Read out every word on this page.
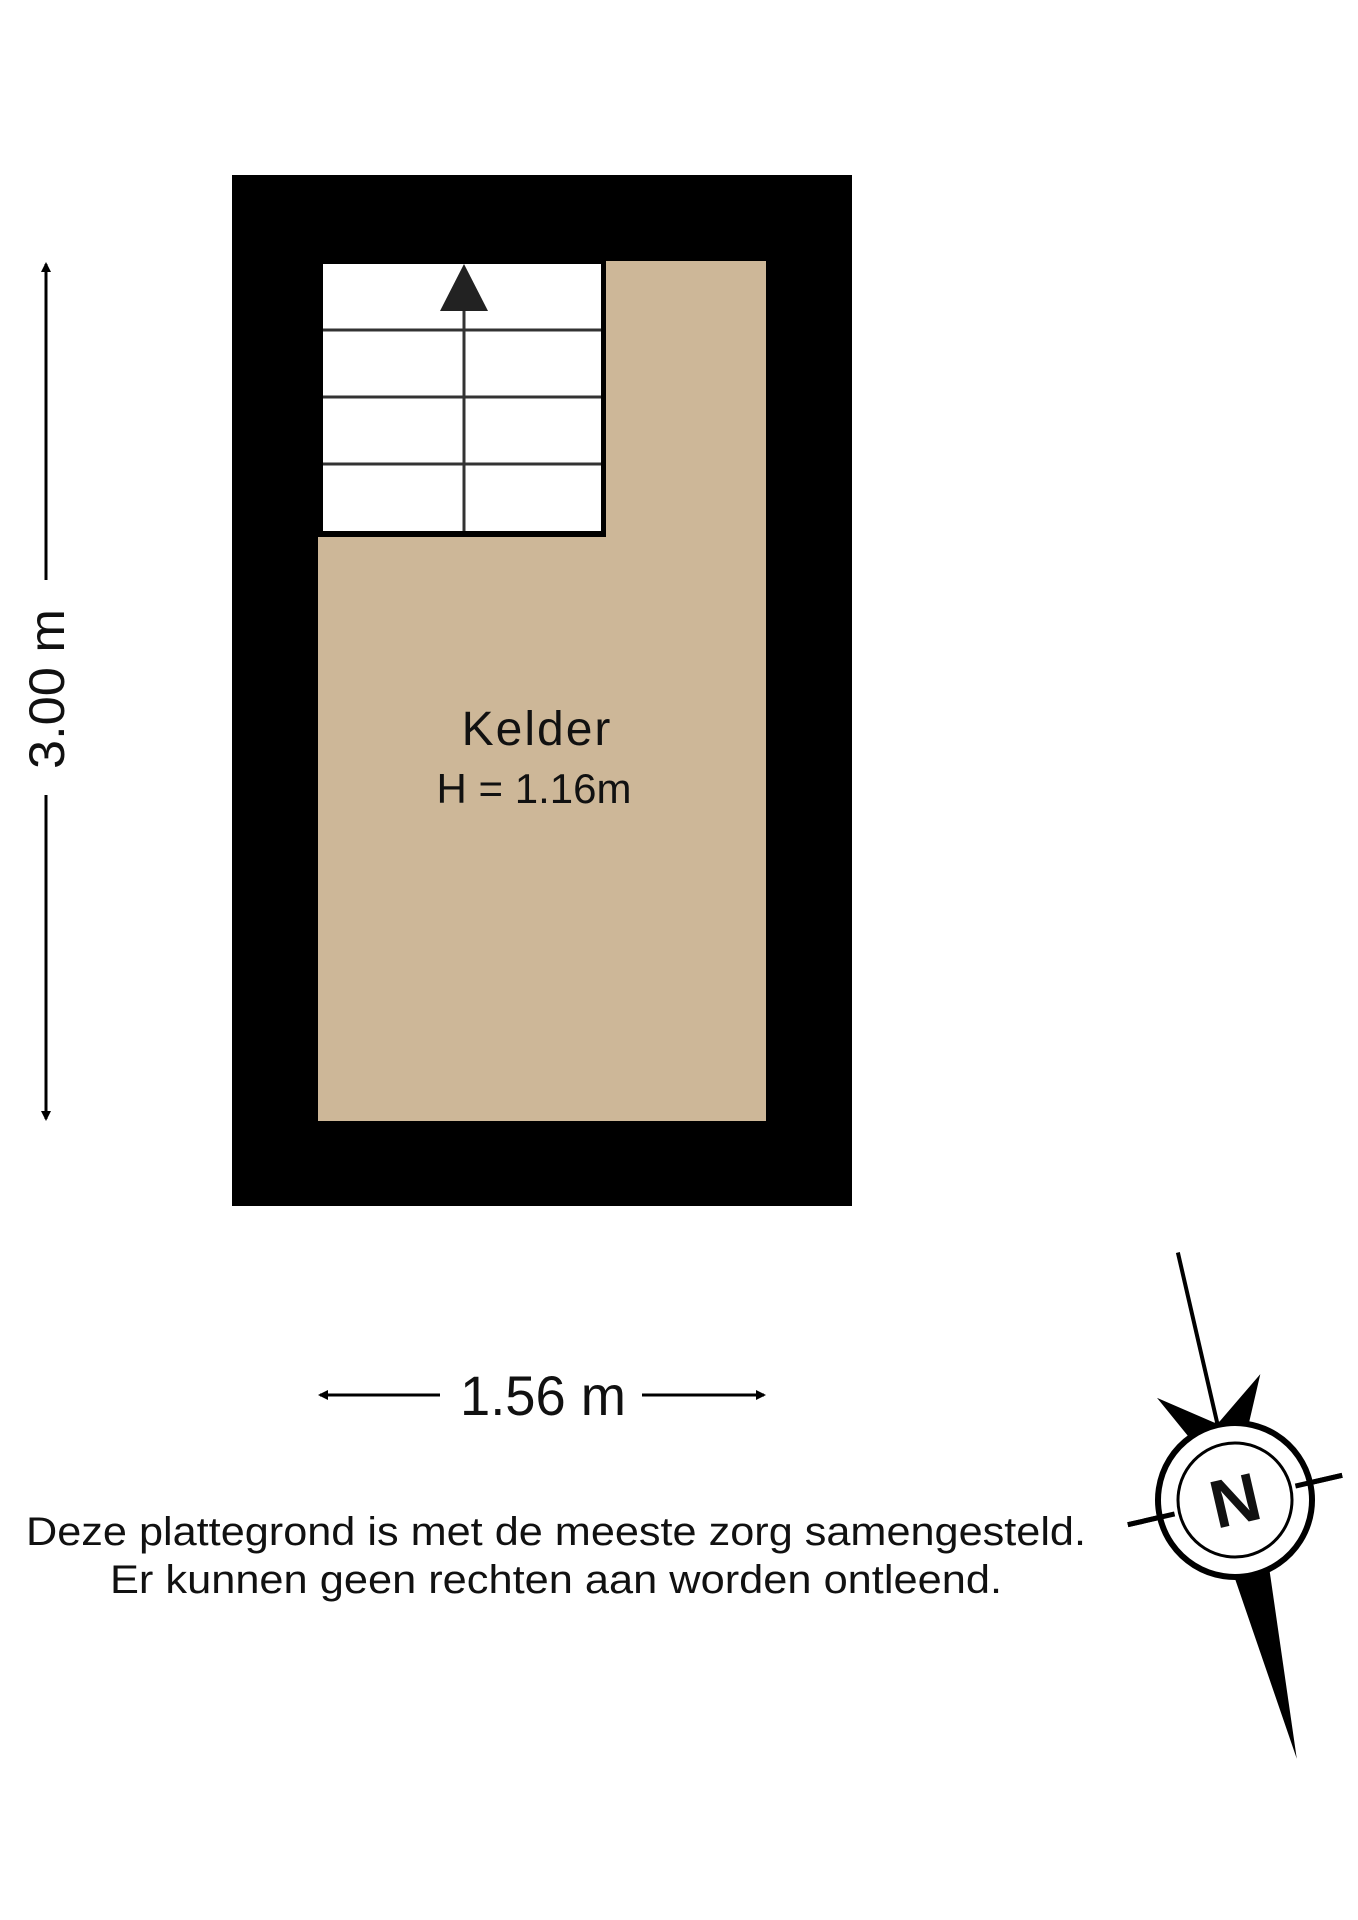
Kelder
H = 1.16m
3.00 m
1.56 m
Deze plattegrond is met de meeste zorg samengesteld.
Er kunnen geen rechten aan worden ontleend.
N
